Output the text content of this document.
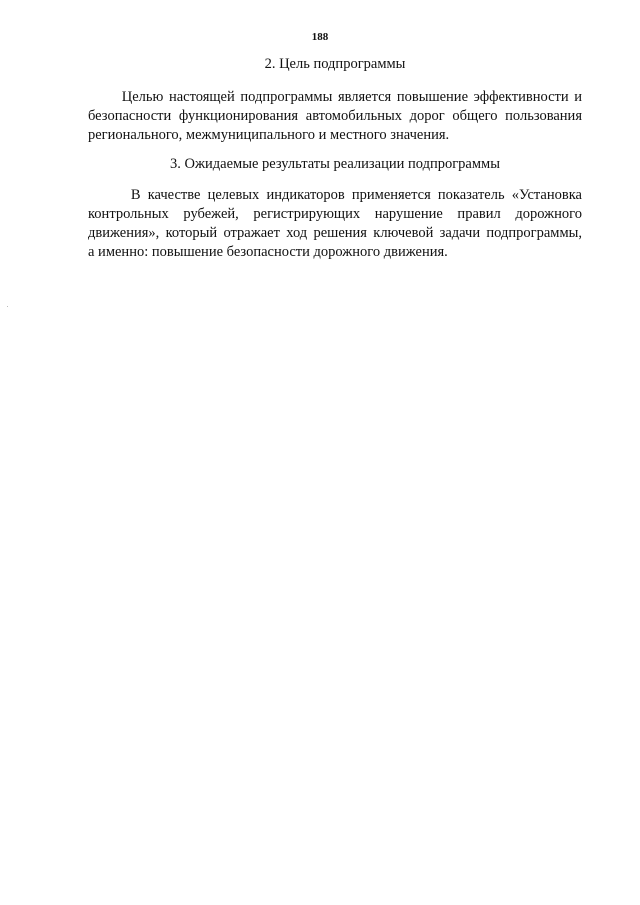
188
2. Цель подпрограммы
Целью настоящей подпрограммы является повышение эффективности и
безопасности функционирования автомобильных дорог общего пользования
регионального, межмуниципального и местного значения.
3. Ожидаемые результаты реализации подпрограммы
В качестве целевых индикаторов применяется показатель «Установка
контрольных рубежей, регистрирующих нарушение правил дорожного
движения», который отражает ход решения ключевой задачи подпрограммы,
а именно: повышение безопасности дорожного движения.
